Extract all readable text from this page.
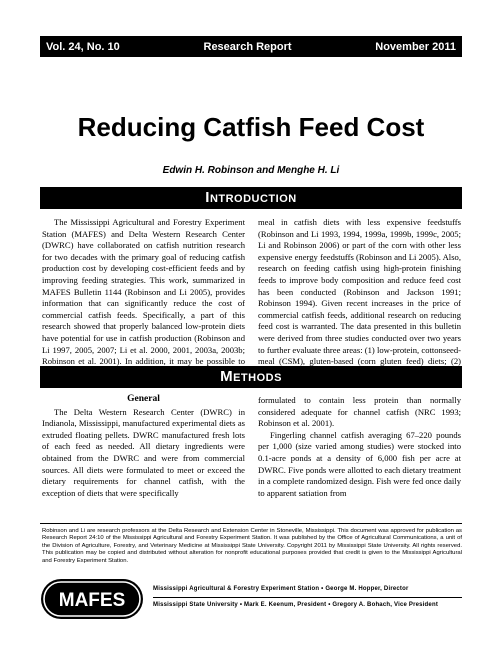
Vol. 24, No. 10	Research Report	November 2011
Reducing Catfish Feed Cost
Edwin H. Robinson and Menghe H. Li
INTRODUCTION

The Mississippi Agricultural and Forestry Experiment Station (MAFES) and Delta Western Research Center (DWRC) have collaborated on catfish nutrition research for two decades with the primary goal of reducing catfish production cost by developing cost-efficient feeds and by improving feeding strategies. This work, summarized in MAFES Bulletin 1144 (Robinson and Li 2005), provides information that can significantly reduce the cost of commercial catfish feeds. Specifically, a part of this research showed that properly balanced low-protein diets have potential for use in catfish production (Robinson and Li 1997, 2005, 2007; Li et al. 2000, 2001, 2003a, 2003b; Robinson et al. 2001). In addition, it may be possible to

meal in catfish diets with less expensive feedstuffs (Robinson and Li 1993, 1994, 1999a, 1999b, 1999c, 2005; Li and Robinson 2006) or part of the corn with other less expensive energy feedstuffs (Robinson and Li 2005). Also, research on feeding catfish using high-protein finishing feeds to improve body composition and reduce feed cost has been conducted (Robinson and Jackson 1991; Robinson 1994). Given recent increases in the price of commercial catfish feeds, additional research on reducing feed cost is warranted. The data presented in this bulletin were derived from three studies conducted over two years to further evaluate three areas: (1) low-protein, cottonseed-meal (CSM), gluten-based (corn gluten feed) diets; (2)

METHODS

General

The Delta Western Research Center (DWRC) in Indianola, Mississippi, manufactured experimental diets as extruded floating pellets. DWRC manufactured fresh lots of each feed as needed. All dietary ingredients were obtained from the DWRC and were from commercial sources. All diets were formulated to meet or exceed the dietary requirements for channel catfish, with the exception of diets that were specifically

formulated to contain less protein than normally considered adequate for channel catfish (NRC 1993; Robinson et al. 2001).

Fingerling channel catfish averaging 67–220 pounds per 1,000 (size varied among studies) were stocked into 0.1-acre ponds at a density of 6,000 fish per acre at DWRC. Five ponds were allotted to each dietary treatment in a complete randomized design. Fish were fed once daily to apparent satiation from

Robinson and Li are research professors at the Delta Research and Extension Center in Stoneville, Mississippi. This document was approved for publication as Research Report 24:10 of the Mississippi Agricultural and Forestry Experiment Station. It was published by the Office of Agricultural Communications, a unit of the Division of Agriculture, Forestry, and Veterinary Medicine at Mississippi State University. Copyright 2011 by Mississippi State University. All rights reserved. This publication may be copied and distributed without alteration for nonprofit educational purposes provided that credit is given to the Mississippi Agricultural and Forestry Experiment Station.
MAFES
Mississippi Agricultural & Forestry Experiment Station • George M. Hopper, Director
Mississippi State University • Mark E. Keenum, President • Gregory A. Bohach, Vice President
